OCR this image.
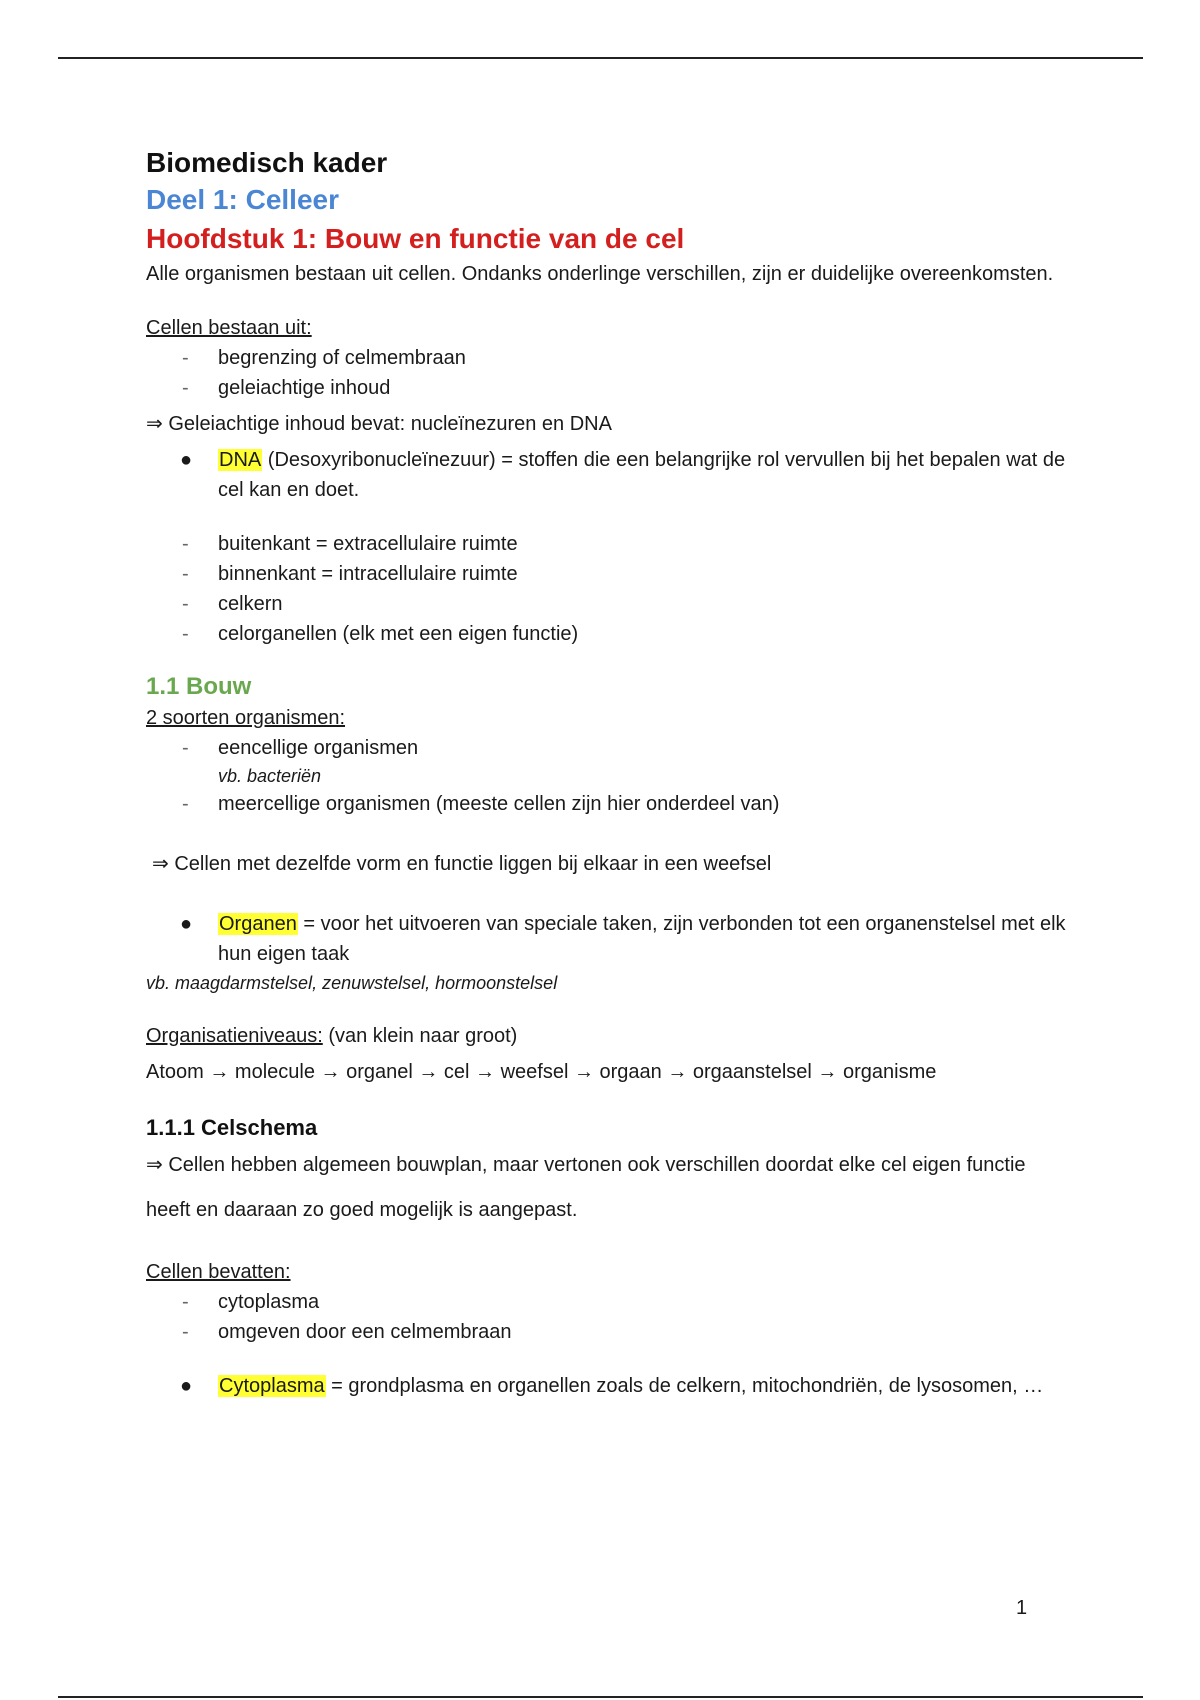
Biomedisch kader
Deel 1: Celleer
Hoofdstuk 1: Bouw en functie van de cel
Alle organismen bestaan uit cellen. Ondanks onderlinge verschillen, zijn er duidelijke overeenkomsten.
Cellen bestaan uit:
- begrenzing of celmembraan
- geleiachtige inhoud
⇒ Geleiachtige inhoud bevat: nucleïnezuren en DNA
● DNA (Desoxyribonucleïnezuur) = stoffen die een belangrijke rol vervullen bij het bepalen wat de cel kan en doet.
- buitenkant = extracellulaire ruimte
- binnenkant = intracellulaire ruimte
- celkern
- celorganellen (elk met een eigen functie)
1.1 Bouw
2 soorten organismen:
- eencellige organismen
vb. bacteriën
- meercellige organismen (meeste cellen zijn hier onderdeel van)
⇒ Cellen met dezelfde vorm en functie liggen bij elkaar in een weefsel
● Organen = voor het uitvoeren van speciale taken, zijn verbonden tot een organenstelsel met elk hun eigen taak
vb. maagdarmstelsel, zenuwstelsel, hormoonstelsel
Organisatieniveaus: (van klein naar groot)
Atoom → molecule → organel → cel → weefsel → orgaan → orgaanstelsel → organisme
1.1.1 Celschema
⇒ Cellen hebben algemeen bouwplan, maar vertonen ook verschillen doordat elke cel eigen functie heeft en daaraan zo goed mogelijk is aangepast.
Cellen bevatten:
- cytoplasma
- omgeven door een celmembraan
● Cytoplasma = grondplasma en organellen zoals de celkern, mitochondriën, de lysosomen, …
1
